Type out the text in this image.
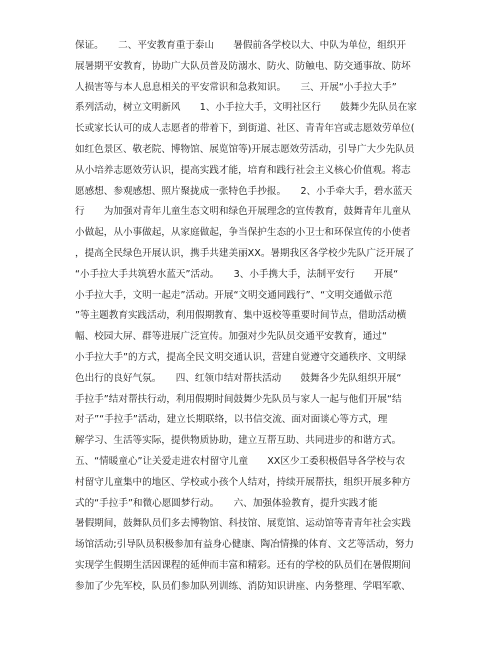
保证。　　二、平安教育重于泰山　　暑假前各学校以大、中队为单位，组织开
展暑期平安教育，协助广大队员普及防溺水、防火、防触电、防交通事故、防坏
人损害等与本人息息相关的平安常识和急救知识。　　三、开展“小手拉大手”
系列活动，树立文明新风　　1、小手拉大手，文明社区行　　鼓舞少先队员在家
长或家长认可的成人志愿者的带着下，到街道、社区、青青年宫或志愿效劳单位(
如红色景区、敬老院、博物馆、展览馆等)开展志愿效劳活动，引导广大少先队员
从小培养志愿效劳认识，提高实践才能，培育和践行社会主义核心价值观。将志
愿感想、参观感想、照片聚拢成一张特色手抄报。　　2、小手牵大手，碧水蓝天
行　　为加强对青年儿童生态文明和绿色开展理念的宣传教育，鼓舞青年儿童从
小做起，从小事做起，从家庭做起，争当保护生态的小卫士和环保宣传的小使者
，提高全民绿色开展认识，携手共建美丽XX。暑期我区各学校少先队广泛开展了
“小手拉大手共筑碧水蓝天”活动。　　3、小手携大手，法制平安行　　开展“
小手拉大手，文明一起走”活动。开展“文明交通同践行”、“文明交通做示范
”等主题教育实践活动，利用假期教育、集中返校等重要时间节点，借助活动横
幅、校园大屏、群等进展广泛宣传。加强对少先队员交通平安教育，通过“
小手拉大手”的方式，提高全民文明交通认识，营建自觉遵守交通秩序、文明绿
色出行的良好气氛。　　四、红领巾结对帮扶活动　　鼓舞各少先队组织开展“
手拉手”结对帮扶行动，利用假期时间鼓舞少先队员与家人一起与他们开展“结
对子”“手拉手”活动，建立长期联络，以书信交流、面对面谈心等方式，理
解学习、生活等实际，提供物质协助，建立互帮互助、共同进步的和谐方式。
五、“情暖童心”让关爱走进农村留守儿童　　XX区少工委积极倡导各学校与农
村留守儿童集中的地区、学校或小孩个人结对，持续开展帮扶，组织开展多种方
式的“手拉手”和微心愿圆梦行动。　　六、加强体验教育，提升实践才能
暑假期间，鼓舞队员们多去博物馆、科技馆、展览馆、运动馆等青青年社会实践
场馆活动;引导队员积极参加有益身心健康、陶冶情操的体育、文艺等活动，努力
实现学生假期生活因课程的延伸而丰富和精彩。还有的学校的队员们在暑假期间
参加了少先军校，队员们参加队列训练、消防知识讲座、内务整理、学唱军歌、
